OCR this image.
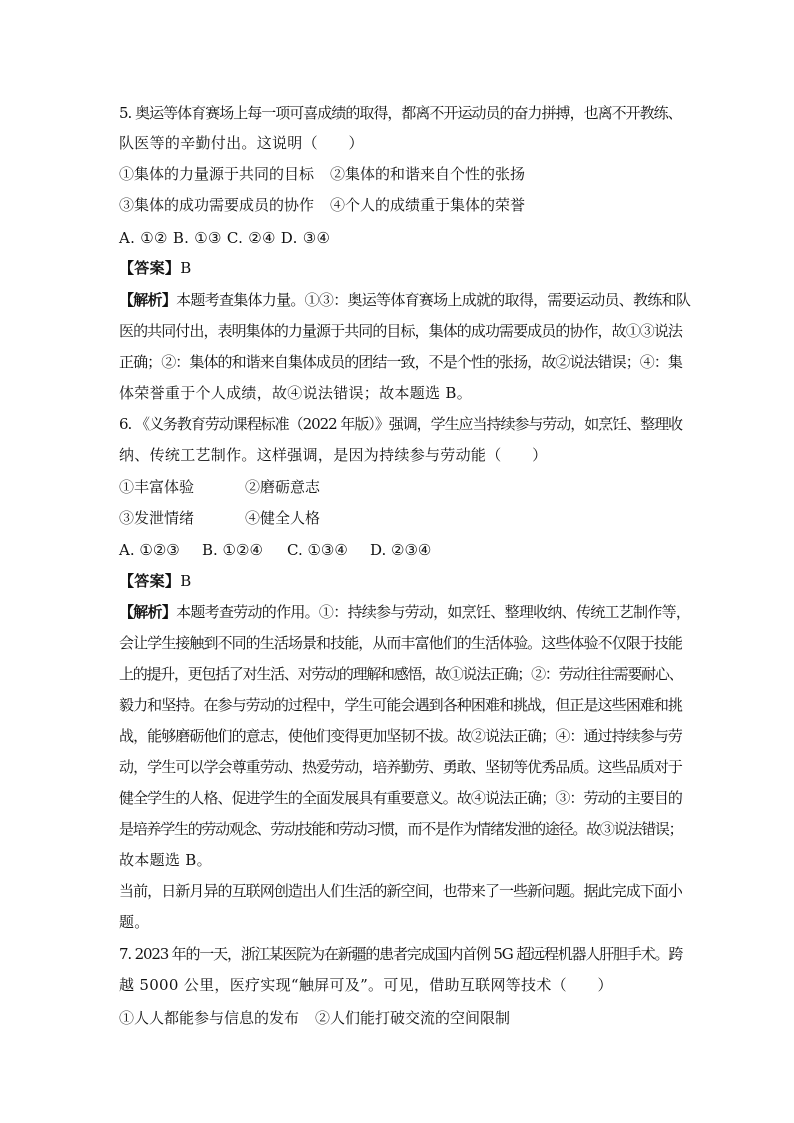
5. 奥运等体育赛场上每一项可喜成绩的取得，都离不开运动员的奋力拼搏，也离不开教练、
队医等的辛勤付出。这说明（　　）
①集体的力量源于共同的目标 ②集体的和谐来自个性的张扬
③集体的成功需要成员的协作 ④个人的成绩重于集体的荣誉
A. ①② B. ①③ C. ②④ D. ③④
【答案】B
【解析】本题考查集体力量。①③：奥运等体育赛场上成就的取得，需要运动员、教练和队
医的共同付出，表明集体的力量源于共同的目标，集体的成功需要成员的协作，故①③说法
正确；②：集体的和谐来自集体成员的团结一致，不是个性的张扬，故②说法错误；④：集
体荣誉重于个人成绩，故④说法错误；故本题选 B。
6. 《义务教育劳动课程标准（2022 年版）》强调，学生应当持续参与劳动，如烹饪、整理收
纳、传统工艺制作。这样强调，是因为持续参与劳动能（　　）
①丰富体验	②磨砺意志
③发泄情绪	④健全人格
A. ①②③ B. ①②④ C. ①③④ D. ②③④
【答案】B
【解析】本题考查劳动的作用。①：持续参与劳动，如烹饪、整理收纳、传统工艺制作等，
会让学生接触到不同的生活场景和技能，从而丰富他们的生活体验。这些体验不仅限于技能
上的提升，更包括了对生活、对劳动的理解和感悟，故①说法正确；②：劳动往往需要耐心、
毅力和坚持。在参与劳动的过程中，学生可能会遇到各种困难和挑战，但正是这些困难和挑
战，能够磨砺他们的意志，使他们变得更加坚韧不拔。故②说法正确；④：通过持续参与劳
动，学生可以学会尊重劳动、热爱劳动，培养勤劳、勇敢、坚韧等优秀品质。这些品质对于
健全学生的人格、促进学生的全面发展具有重要意义。故④说法正确；③：劳动的主要目的
是培养学生的劳动观念、劳动技能和劳动习惯，而不是作为情绪发泄的途径。故③说法错误；
故本题选 B。
当前，日新月异的互联网创造出人们生活的新空间，也带来了一些新问题。据此完成下面小
题。
7. 2023 年的一天，浙江某医院为在新疆的患者完成国内首例 5G 超远程机器人肝胆手术。跨
越 5000 公里，医疗实现“触屏可及”。可见，借助互联网等技术（　　）
①人人都能参与信息的发布 ②人们能打破交流的空间限制
